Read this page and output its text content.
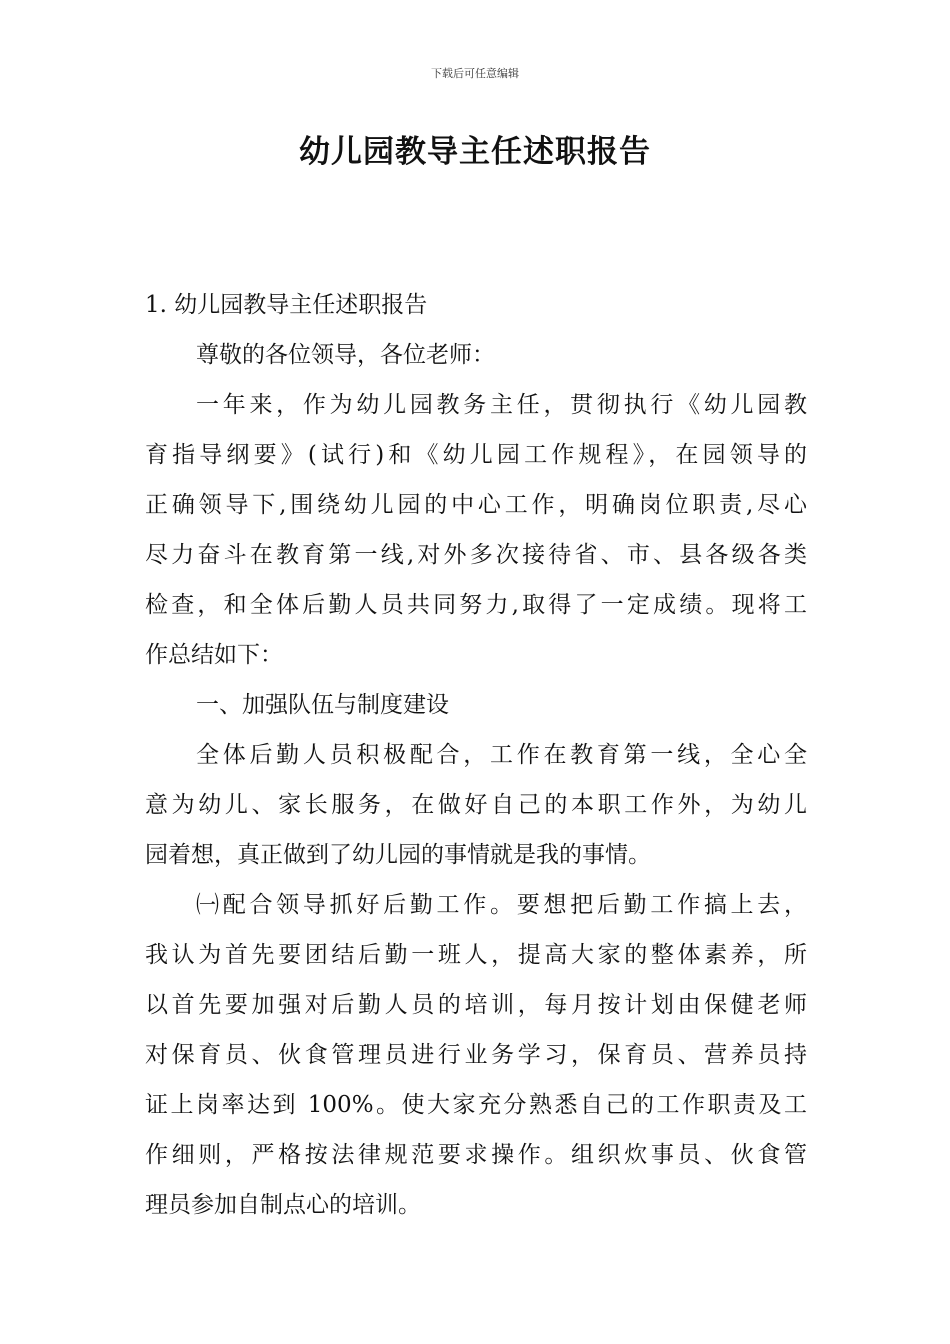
下载后可任意编辑
幼儿园教导主任述职报告
1. 幼儿园教导主任述职报告
尊敬的各位领导，各位老师：
一年来，作为幼儿园教务主任，贯彻执行《幼儿园教
育指导纲要》(试行)和《幼儿园工作规程》，在园领导的
正确领导下,围绕幼儿园的中心工作，明确岗位职责,尽心
尽力奋斗在教育第一线,对外多次接待省、市、县各级各类
检查，和全体后勤人员共同努力,取得了一定成绩。现将工
作总结如下：
一、加强队伍与制度建设
全体后勤人员积极配合，工作在教育第一线，全心全
意为幼儿、家长服务，在做好自己的本职工作外，为幼儿
园着想，真正做到了幼儿园的事情就是我的事情。
㈠配合领导抓好后勤工作。要想把后勤工作搞上去，
我认为首先要团结后勤一班人，提高大家的整体素养，所
以首先要加强对后勤人员的培训，每月按计划由保健老师
对保育员、伙食管理员进行业务学习，保育员、营养员持
证上岗率达到 100%。使大家充分熟悉自己的工作职责及工
作细则，严格按法律规范要求操作。组织炊事员、伙食管
理员参加自制点心的培训。
